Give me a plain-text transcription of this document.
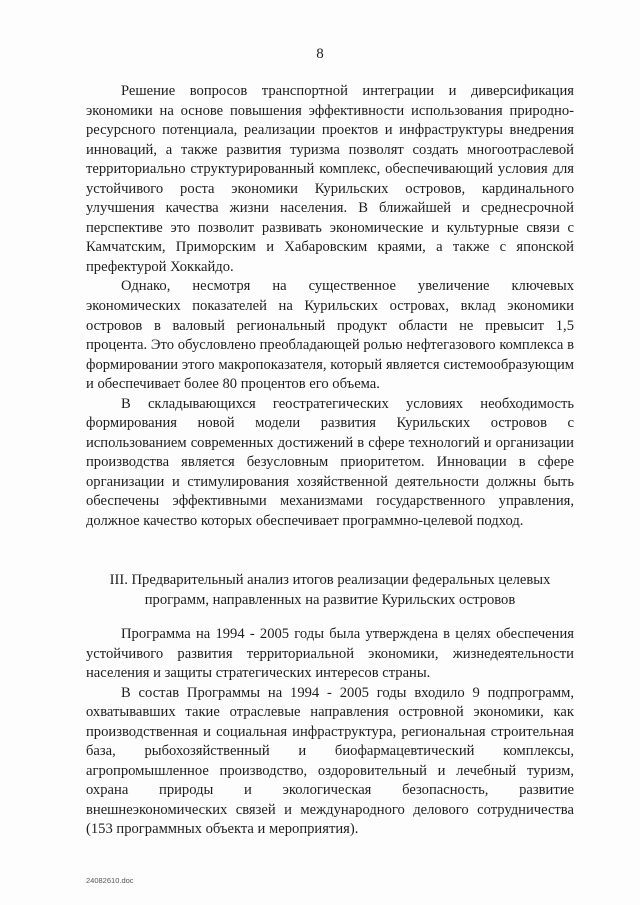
8

Решение вопросов транспортной интеграции и диверсификация экономики на основе повышения эффективности использования природно-ресурсного потенциала, реализации проектов и инфраструктуры внедрения инноваций, а также развития туризма позволят создать многоотраслевой территориально структурированный комплекс, обеспечивающий условия для устойчивого роста экономики Курильских островов, кардинального улучшения качества жизни населения. В ближайшей и среднесрочной перспективе это позволит развивать экономические и культурные связи с Камчатским, Приморским и Хабаровским краями, а также с японской префектурой Хоккайдо.

Однако, несмотря на существенное увеличение ключевых экономических показателей на Курильских островах, вклад экономики островов в валовый региональный продукт области не превысит 1,5 процента. Это обусловлено преобладающей ролью нефтегазового комплекса в формировании этого макропоказателя, который является системообразующим и обеспечивает более 80 процентов его объема.

В складывающихся геостратегических условиях необходимость формирования новой модели развития Курильских островов с использованием современных достижений в сфере технологий и организации производства является безусловным приоритетом. Инновации в сфере организации и стимулирования хозяйственной деятельности должны быть обеспечены эффективными механизмами государственного управления, должное качество которых обеспечивает программно-целевой подход.

III. Предварительный анализ итогов реализации федеральных целевых
программ, направленных на развитие Курильских островов

Программа на 1994 - 2005 годы была утверждена в целях обеспечения устойчивого развития территориальной экономики, жизнедеятельности населения и защиты стратегических интересов страны.

В состав Программы на 1994 - 2005 годы входило 9 подпрограмм, охватывавших такие отраслевые направления островной экономики, как производственная и социальная инфраструктура, региональная строительная база, рыбохозяйственный и биофармацевтический комплексы, агропромышленное производство, оздоровительный и лечебный туризм, охрана природы и экологическая безопасность, развитие внешнеэкономических связей и международного делового сотрудничества (153 программных объекта и мероприятия).

24082610.doc
